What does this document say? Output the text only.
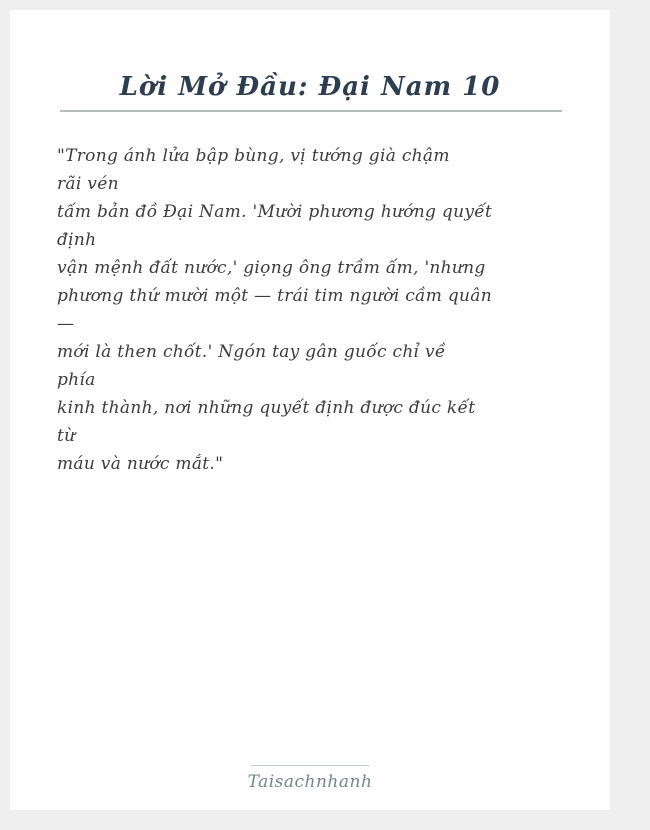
Lời Mở Đầu: Đại Nam 10
"Trong ánh lửa bập bùng, vị tướng già chậm
rãi vén
tấm bản đồ Đại Nam. 'Mười phương hướng quyết
định
vận mệnh đất nước,' giọng ông trầm ấm, 'nhưng
phương thứ mười một — trái tim người cầm quân
—
mới là then chốt.' Ngón tay gân guốc chỉ về
phía
kinh thành, nơi những quyết định được đúc kết
từ
máu và nước mắt."
Taisachnhanh
